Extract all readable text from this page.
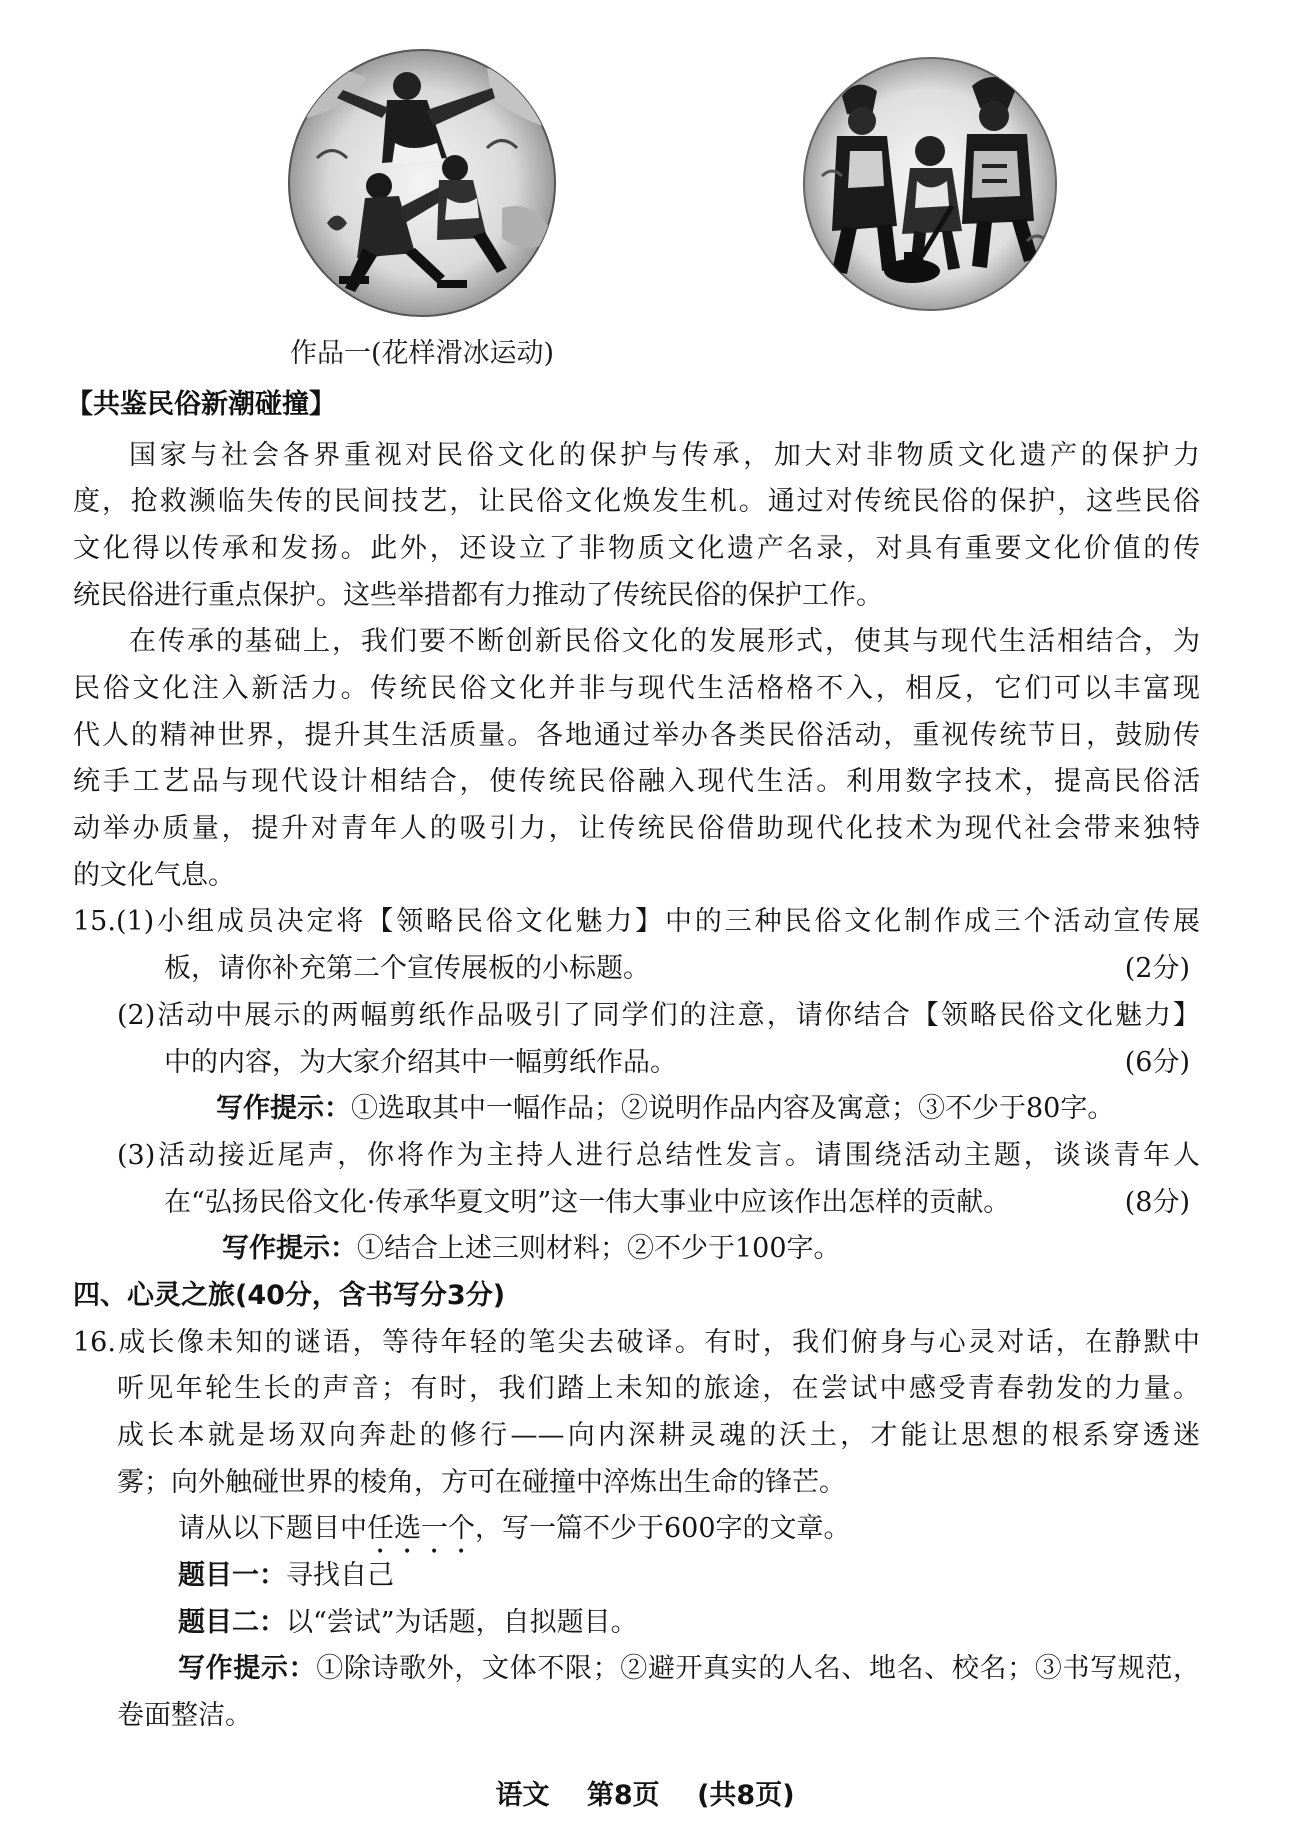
作品一(花样滑冰运动)
【共鉴民俗新潮碰撞】
国家与社会各界重视对民俗文化的保护与传承，加大对非物质文化遗产的保护力
度，抢救濒临失传的民间技艺，让民俗文化焕发生机。通过对传统民俗的保护，这些民俗
文化得以传承和发扬。此外，还设立了非物质文化遗产名录，对具有重要文化价值的传
统民俗进行重点保护。这些举措都有力推动了传统民俗的保护工作。
在传承的基础上，我们要不断创新民俗文化的发展形式，使其与现代生活相结合，为
民俗文化注入新活力。传统民俗文化并非与现代生活格格不入，相反，它们可以丰富现
代人的精神世界，提升其生活质量。各地通过举办各类民俗活动，重视传统节日，鼓励传
统手工艺品与现代设计相结合，使传统民俗融入现代生活。利用数字技术，提高民俗活
动举办质量，提升对青年人的吸引力，让传统民俗借助现代化技术为现代社会带来独特
的文化气息。
15.(1)小组成员决定将【领略民俗文化魅力】中的三种民俗文化制作成三个活动宣传展
板，请你补充第二个宣传展板的小标题。	(2分)
(2)活动中展示的两幅剪纸作品吸引了同学们的注意，请你结合【领略民俗文化魅力】
中的内容，为大家介绍其中一幅剪纸作品。	(6分)
写作提示：①选取其中一幅作品；②说明作品内容及寓意；③不少于80字。
(3)活动接近尾声，你将作为主持人进行总结性发言。请围绕活动主题，谈谈青年人
在“弘扬民俗文化·传承华夏文明”这一伟大事业中应该作出怎样的贡献。	(8分)
写作提示：①结合上述三则材料；②不少于100字。
四、心灵之旅(40分，含书写分3分)
16.成长像未知的谜语，等待年轻的笔尖去破译。有时，我们俯身与心灵对话，在静默中
听见年轮生长的声音；有时，我们踏上未知的旅途，在尝试中感受青春勃发的力量。
成长本就是场双向奔赴的修行——向内深耕灵魂的沃土，才能让思想的根系穿透迷
雾；向外触碰世界的棱角，方可在碰撞中淬炼出生命的锋芒。
请从以下题目中任选一个，写一篇不少于600字的文章。
题目一：寻找自己
题目二：以“尝试”为话题，自拟题目。
写作提示：①除诗歌外，文体不限；②避开真实的人名、地名、校名；③书写规范，
卷面整洁。
语文 第8页 (共8页)
